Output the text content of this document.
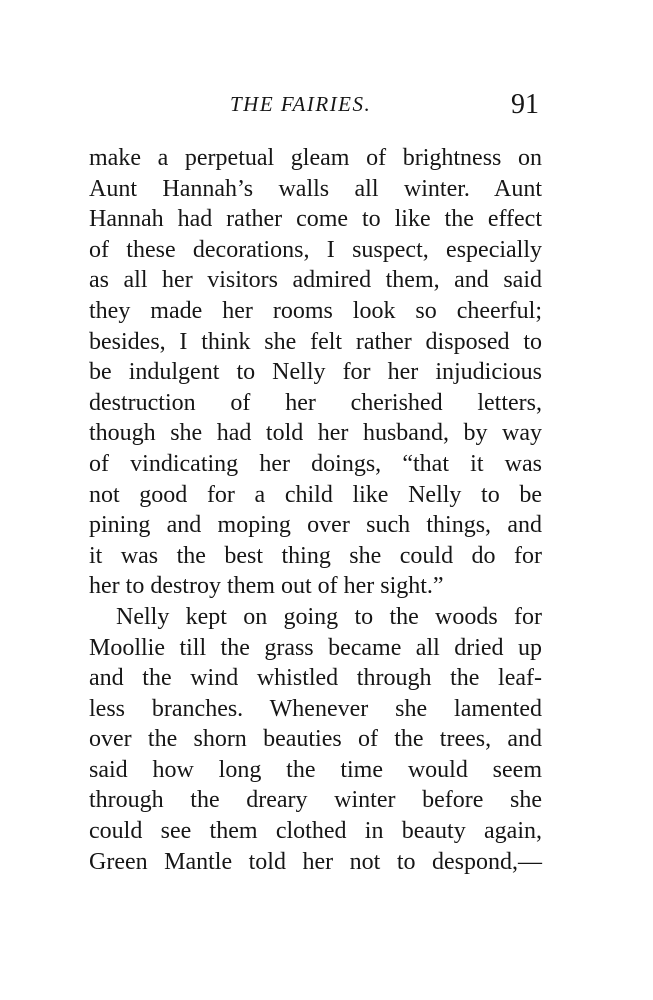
THE FAIRIES.	91
make a perpetual gleam of brightness on
Aunt Hannah’s walls all winter. Aunt
Hannah had rather come to like the effect
of these decorations, I suspect, especially
as all her visitors admired them, and said
they made her rooms look so cheerful;
besides, I think she felt rather disposed to
be indulgent to Nelly for her injudicious
destruction of her cherished letters,
though she had told her husband, by way
of vindicating her doings, “that it was
not good for a child like Nelly to be
pining and moping over such things, and
it was the best thing she could do for
her to destroy them out of her sight.”
Nelly kept on going to the woods for
Moollie till the grass became all dried up
and the wind whistled through the leaf-
less branches. Whenever she lamented
over the shorn beauties of the trees, and
said how long the time would seem
through the dreary winter before she
could see them clothed in beauty again,
Green Mantle told her not to despond,—
